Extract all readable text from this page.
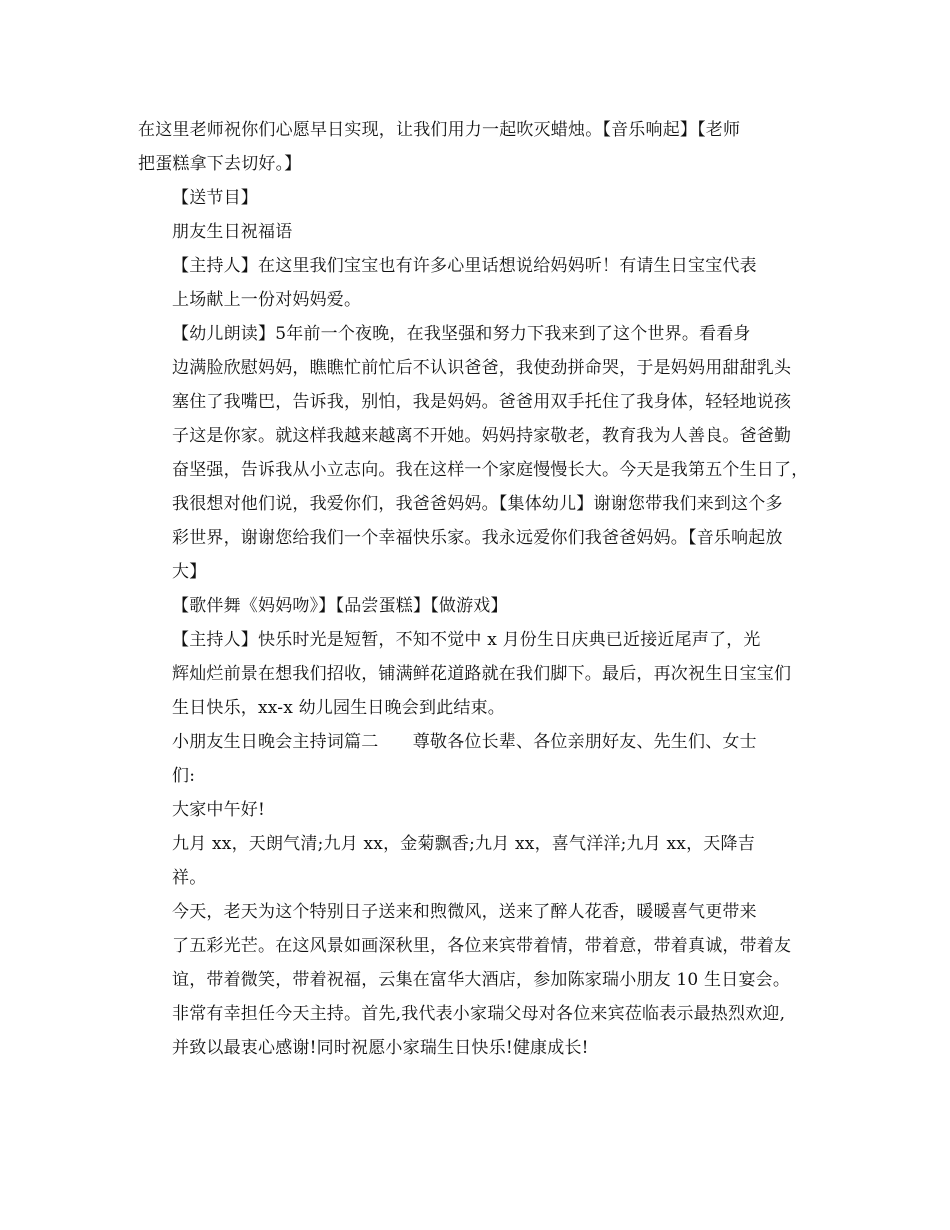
在这里老师祝你们心愿早日实现，让我们用力一起吹灭蜡烛。【音乐响起】【老师
把蛋糕拿下去切好。】

【送节目】

朋友生日祝福语

【主持人】在这里我们宝宝也有许多心里话想说给妈妈听！有请生日宝宝代表
上场献上一份对妈妈爱。

【幼儿朗读】5年前一个夜晚，在我坚强和努力下我来到了这个世界。看看身
边满脸欣慰妈妈，瞧瞧忙前忙后不认识爸爸，我使劲拼命哭，于是妈妈用甜甜乳头
塞住了我嘴巴，告诉我，别怕，我是妈妈。爸爸用双手托住了我身体，轻轻地说孩
子这是你家。就这样我越来越离不开她。妈妈持家敬老，教育我为人善良。爸爸勤
奋坚强，告诉我从小立志向。我在这样一个家庭慢慢长大。今天是我第五个生日了，
我很想对他们说，我爱你们，我爸爸妈妈。【集体幼儿】谢谢您带我们来到这个多
彩世界，谢谢您给我们一个幸福快乐家。我永远爱你们我爸爸妈妈。【音乐响起放
大】

【歌伴舞《妈妈吻》】【品尝蛋糕】【做游戏】

【主持人】快乐时光是短暂，不知不觉中 x 月份生日庆典已近接近尾声了，光
辉灿烂前景在想我们招收，铺满鲜花道路就在我们脚下。最后，再次祝生日宝宝们
生日快乐，xx-x 幼儿园生日晚会到此结束。

小朋友生日晚会主持词篇二　　尊敬各位长辈、各位亲朋好友、先生们、女士
们:

大家中午好!

九月 xx，天朗气清;九月 xx，金菊飘香;九月 xx，喜气洋洋;九月 xx，天降吉
祥。

今天，老天为这个特别日子送来和煦微风，送来了醉人花香，暖暖喜气更带来
了五彩光芒。在这风景如画深秋里，各位来宾带着情，带着意，带着真诚，带着友
谊，带着微笑，带着祝福，云集在富华大酒店，参加陈家瑞小朋友 10 生日宴会。
非常有幸担任今天主持。首先,我代表小家瑞父母对各位来宾莅临表示最热烈欢迎,
并致以最衷心感谢!同时祝愿小家瑞生日快乐!健康成长!
